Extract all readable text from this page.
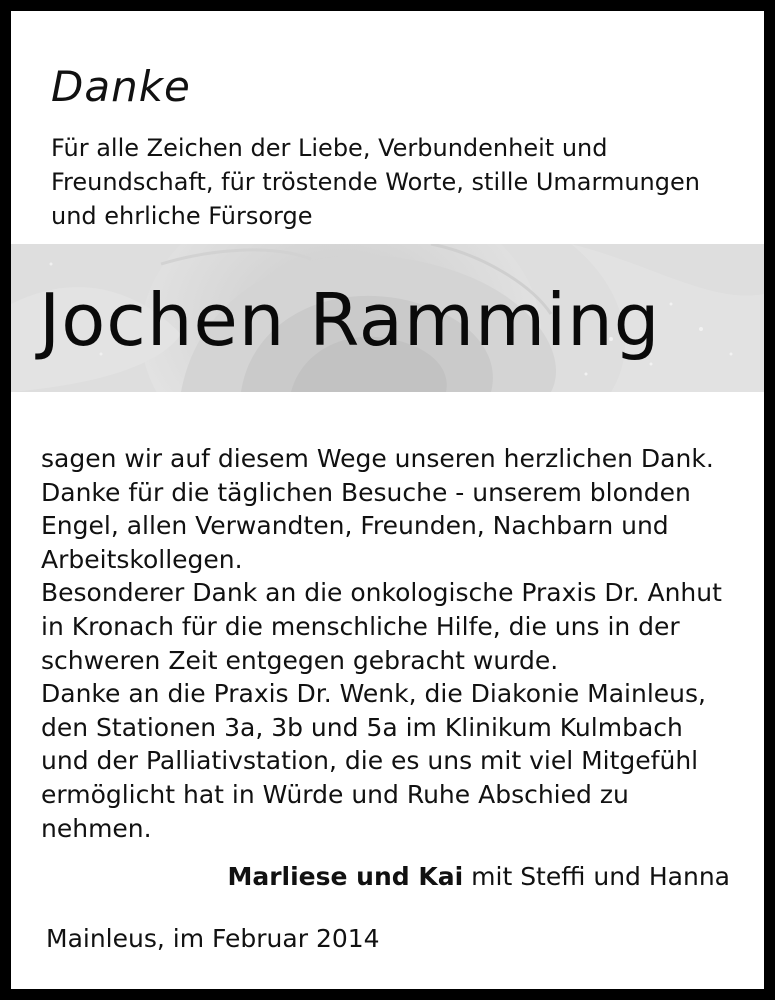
Danke

Für alle Zeichen der Liebe, Verbundenheit und
Freundschaft, für tröstende Worte, stille Umarmungen
und ehrliche Fürsorge

Jochen Ramming

sagen wir auf diesem Wege unseren herzlichen Dank.
Danke für die täglichen Besuche - unserem blonden
Engel, allen Verwandten, Freunden, Nachbarn und
Arbeitskollegen.
Besonderer Dank an die onkologische Praxis Dr. Anhut
in Kronach für die menschliche Hilfe, die uns in der
schweren Zeit entgegen gebracht wurde.
Danke an die Praxis Dr. Wenk, die Diakonie Mainleus,
den Stationen 3a, 3b und 5a im Klinikum Kulmbach
und der Palliativstation, die es uns mit viel Mitgefühl
ermöglicht hat in Würde und Ruhe Abschied zu
nehmen.

Marliese und Kai mit Steffi und Hanna
Mainleus, im Februar 2014
